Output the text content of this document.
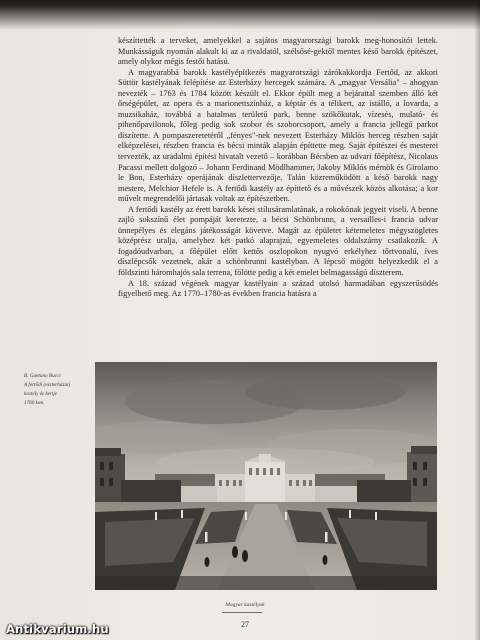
készíttették a terveket, amelyekkel a sajátos magyarországi barokk meg-honosítói lettek. Munkásságuk nyomán alakult ki az a rivaldatól, szélsősé-gektől mentes késő barokk építészet, amely olykor mégis festői hatású.

A magyarabbá barokk kastélyépítkezés magyarországi zárókakkordja Fertőd, az akkori Süttör kastélyának felépítése az Esterházy hercegek számára. A „magyar Versália" – ahogyan nevezték – 1763 és 1784 között készült el. Ekkor épült meg a bejárattal szemben álló két őrségépület, az opera és a marionettszínház, a képtár és a télikert, az istálló, a lovarda, a muzsikaház, továbbá a hatalmas területű park, benne szökőkutak, vízesés, mulató- és pihenőpavilonok, főleg pedig sok szobor és szoborcsoport, amely a francia jellegű parkot díszítette. A pompaszeretetéről „fényes"-nek nevezett Esterházy Miklós herceg részben saját elképzelései, részben francia és bécsi minták alapján építtette meg. Saját építészei és mesterei tervezték, az uradalmi építési hivatalt vezető – korábban Bécsben az udvari főépítész, Nicolaus Pacassi mellett dolgozó – Johann Ferdinand Mödlhammer, Jakoby Miklós mérnök és Girolamo le Bon, Esterházy operájának díszlettervezője. Talán közreműködött a késő barokk nagy mestere, Melchior Hefele is. A fertődi kastély az építtető és a művészek közös alkotása; a kor művelt megrendelői jártasak voltak az építészetben.

A fertődi kastély az érett barokk kései stílusáramlatának, a rokokónak jegyeit viseli. A benne zajló sokszínű élet pompáját keretezte, a bécsi Schönbrunn, a versailles-i francia udvar ünnepélyes és elegáns játékosságát követve. Magát az épületet kétemeletes mégyszögletes középrész uralja, amelyhez két patkó alaprajzú, egyemeletes oldalszárny csatlakozik. A fogadóudvarban, a főépület előtt kettős oszlopokon nyugvó erkélyhez tőrtvonalú, íves díszlépcsők vezetnek, akár a schönbrunni kastélyban. A lépcső mögött helyezkedik el a földszinti háromhajós sala terrena, fölötte pedig a két emelet belmagasságú díszterem.

A 18. század végének magyar kastélyain a század utolsó harmadában egyszerűsödés figyelhető meg. Az 1770–1780-as években francia hatásra a

B. Gaetano Bucci
A fertődi (eszterházai)
kastély és kertje
1760 kan.
Magyar kastélyok
27
Antikvarium.hu
